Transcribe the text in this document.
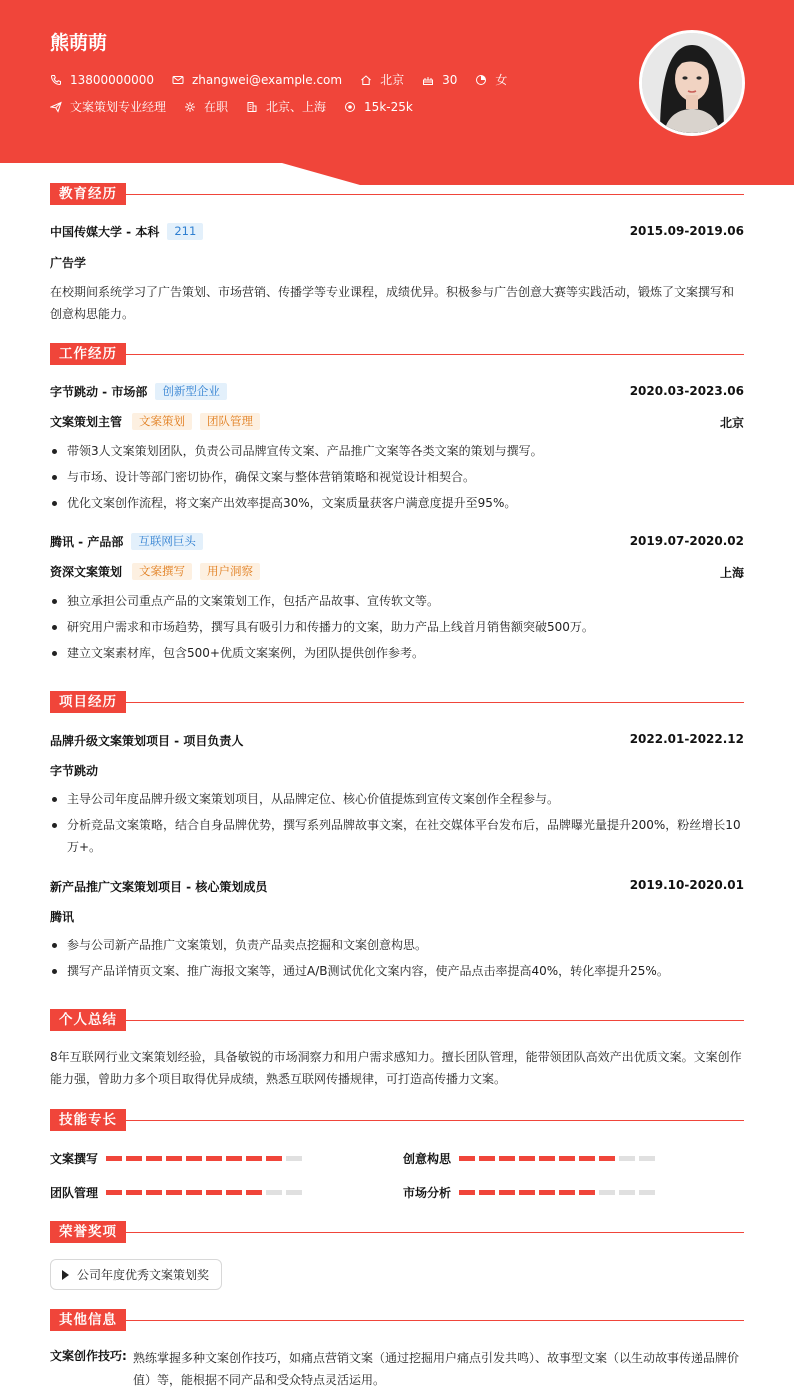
熊萌萌
13800000000	zhangwei@example.com	北京	30	女
文案策划专业经理	在职	北京、上海	15k-25k
教育经历
中国传媒大学 - 本科	211	2015.09-2019.06
广告学
在校期间系统学习了广告策划、市场营销、传播学等专业课程，成绩优异。积极参与广告创意大赛等实践活动，锻炼了文案撰写和创意构思能力。
工作经历
字节跳动 - 市场部	创新型企业	2020.03-2023.06
文案策划主管	文案策划	团队管理	北京
带领3人文案策划团队，负责公司品牌宣传文案、产品推广文案等各类文案的策划与撰写。
与市场、设计等部门密切协作，确保文案与整体营销策略和视觉设计相契合。
优化文案创作流程，将文案产出效率提高30%，文案质量获客户满意度提升至95%。
腾讯 - 产品部	互联网巨头	2019.07-2020.02
资深文案策划	文案撰写	用户洞察	上海
独立承担公司重点产品的文案策划工作，包括产品故事、宣传软文等。
研究用户需求和市场趋势，撰写具有吸引力和传播力的文案，助力产品上线首月销售额突破500万。
建立文案素材库，包含500+优质文案案例，为团队提供创作参考。
项目经历
品牌升级文案策划项目 - 项目负责人	2022.01-2022.12
字节跳动
主导公司年度品牌升级文案策划项目，从品牌定位、核心价值提炼到宣传文案创作全程参与。
分析竞品文案策略，结合自身品牌优势，撰写系列品牌故事文案，在社交媒体平台发布后，品牌曝光量提升200%，粉丝增长10万+。
新产品推广文案策划项目 - 核心策划成员	2019.10-2020.01
腾讯
参与公司新产品推广文案策划，负责产品卖点挖掘和文案创意构思。
撰写产品详情页文案、推广海报文案等，通过A/B测试优化文案内容，使产品点击率提高40%，转化率提升25%。
个人总结
8年互联网行业文案策划经验，具备敏锐的市场洞察力和用户需求感知力。擅长团队管理，能带领团队高效产出优质文案。文案创作能力强，曾助力多个项目取得优异成绩，熟悉互联网传播规律，可打造高传播力文案。
技能专长
文案撰写	创意构思
团队管理	市场分析
荣誉奖项
公司年度优秀文案策划奖
其他信息
文案创作技巧: 熟练掌握多种文案创作技巧，如痛点营销文案（通过挖掘用户痛点引发共鸣）、故事型文案（以生动故事传递品牌价值）等，能根据不同产品和受众特点灵活运用。
